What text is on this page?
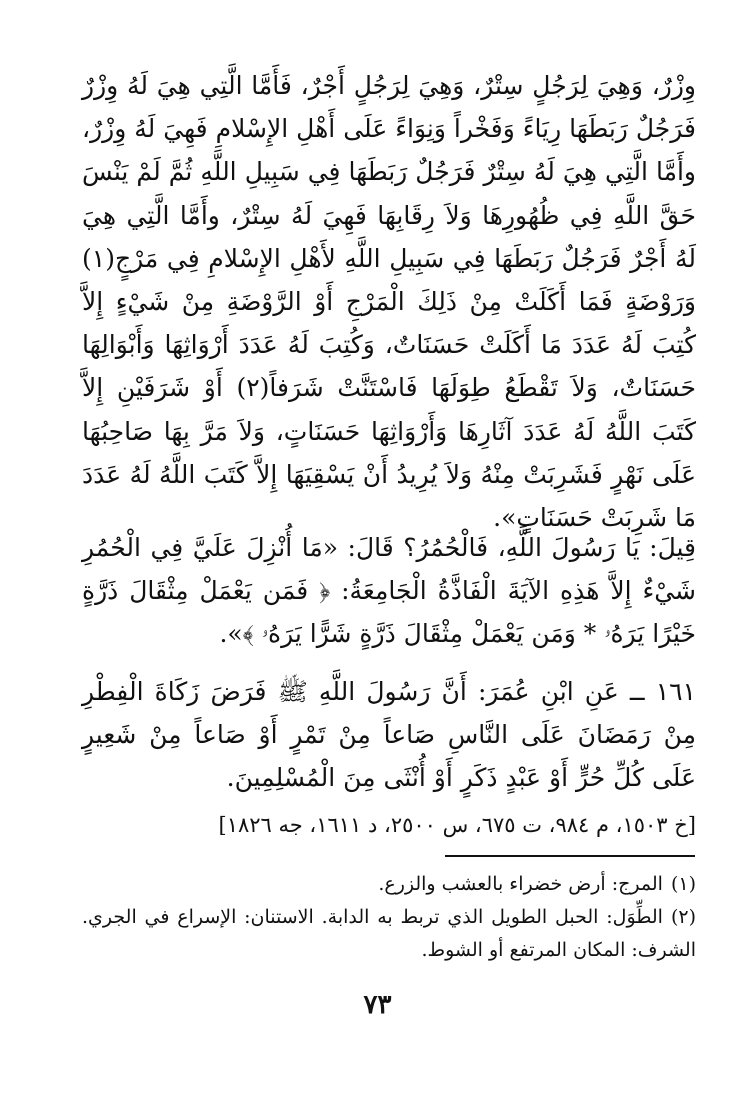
وِزْرٌ، وَهِيَ لِرَجُلٍ سِتْرٌ، وَهِيَ لِرَجُلٍ أَجْرٌ، فَأَمَّا الَّتِي هِيَ لَهُ وِزْرٌ فَرَجُلٌ رَبَطَهَا رِيَاءً وَفَخْراً وَنِوَاءً عَلَى أَهْلِ الإِسْلامِ فَهِيَ لَهُ وِزْرٌ، وأَمَّا الَّتِي هِيَ لَهُ سِتْرٌ فَرَجُلٌ رَبَطَهَا فِي سَبِيلِ اللَّهِ ثُمَّ لَمْ يَنْسَ حَقَّ اللَّهِ فِي ظُهُورِهَا وَلاَ رِقَابِهَا فَهِيَ لَهُ سِتْرٌ، وأَمَّا الَّتِي هِيَ لَهُ أَجْرٌ فَرَجُلٌ رَبَطَهَا فِي سَبِيلِ اللَّهِ لأَهْلِ الإِسْلامِ فِي مَرْجٍ(١) وَرَوْضَةٍ فَمَا أَكَلَتْ مِنْ ذَلِكَ الْمَرْجِ أَوْ الرَّوْضَةِ مِنْ شَيْءٍ إِلاَّ كُتِبَ لَهُ عَدَدَ مَا أَكَلَتْ حَسَنَاتٌ، وَكُتِبَ لَهُ عَدَدَ أَرْوَاثِهَا وَأَبْوَالِهَا حَسَنَاتٌ، وَلاَ تَقْطَعُ طِوَلَهَا فَاسْتَنَّتْ شَرَفاً(٢) أَوْ شَرَفَيْنِ إِلاَّ كَتَبَ اللَّهُ لَهُ عَدَدَ آثَارِهَا وَأَرْوَاثِهَا حَسَنَاتٍ، وَلاَ مَرَّ بِهَا صَاحِبُهَا عَلَى نَهْرٍ فَشَرِبَتْ مِنْهُ وَلاَ يُرِيدُ أَنْ يَسْقِيَهَا إِلاَّ كَتَبَ اللَّهُ لَهُ عَدَدَ مَا شَرِبَتْ حَسَنَاتٍ».

قِيلَ: يَا رَسُولَ اللَّهِ، فَالْحُمُرُ؟ قَالَ: «مَا أُنْزِلَ عَلَيَّ فِي الْحُمُرِ شَيْءٌ إِلاَّ هَذِهِ الآيَةَ الْفَاذَّةُ الْجَامِعَةُ: ﴿ فَمَن يَعْمَلْ مِثْقَالَ ذَرَّةٍ خَيْرًا يَرَهُۥ * وَمَن يَعْمَلْ مِثْقَالَ ذَرَّةٍ شَرًّا يَرَهُۥ ﴾».

١٦١ ــ عَنِ ابْنِ عُمَرَ: أَنَّ رَسُولَ اللَّهِ ﷺ فَرَضَ زَكَاةَ الْفِطْرِ مِنْ رَمَضَانَ عَلَى النَّاسِ صَاعاً مِنْ تَمْرٍ أَوْ صَاعاً مِنْ شَعِيرٍ عَلَى كُلِّ حُرٍّ أَوْ عَبْدٍ ذَكَرٍ أَوْ أُنْثَى مِنَ الْمُسْلِمِينَ.

[خ ١٥٠٣، م ٩٨٤، ت ٦٧٥، س ٢٥٠٠، د ١٦١١، جه ١٨٢٦]

(١)المرج: أرض خضراء بالعشب والزرع.

(٢)الطِّوَل: الحبل الطويل الذي تربط به الدابة. الاستنان: الإسراع في الجري. الشرف: المكان المرتفع أو الشوط.

٧٣
